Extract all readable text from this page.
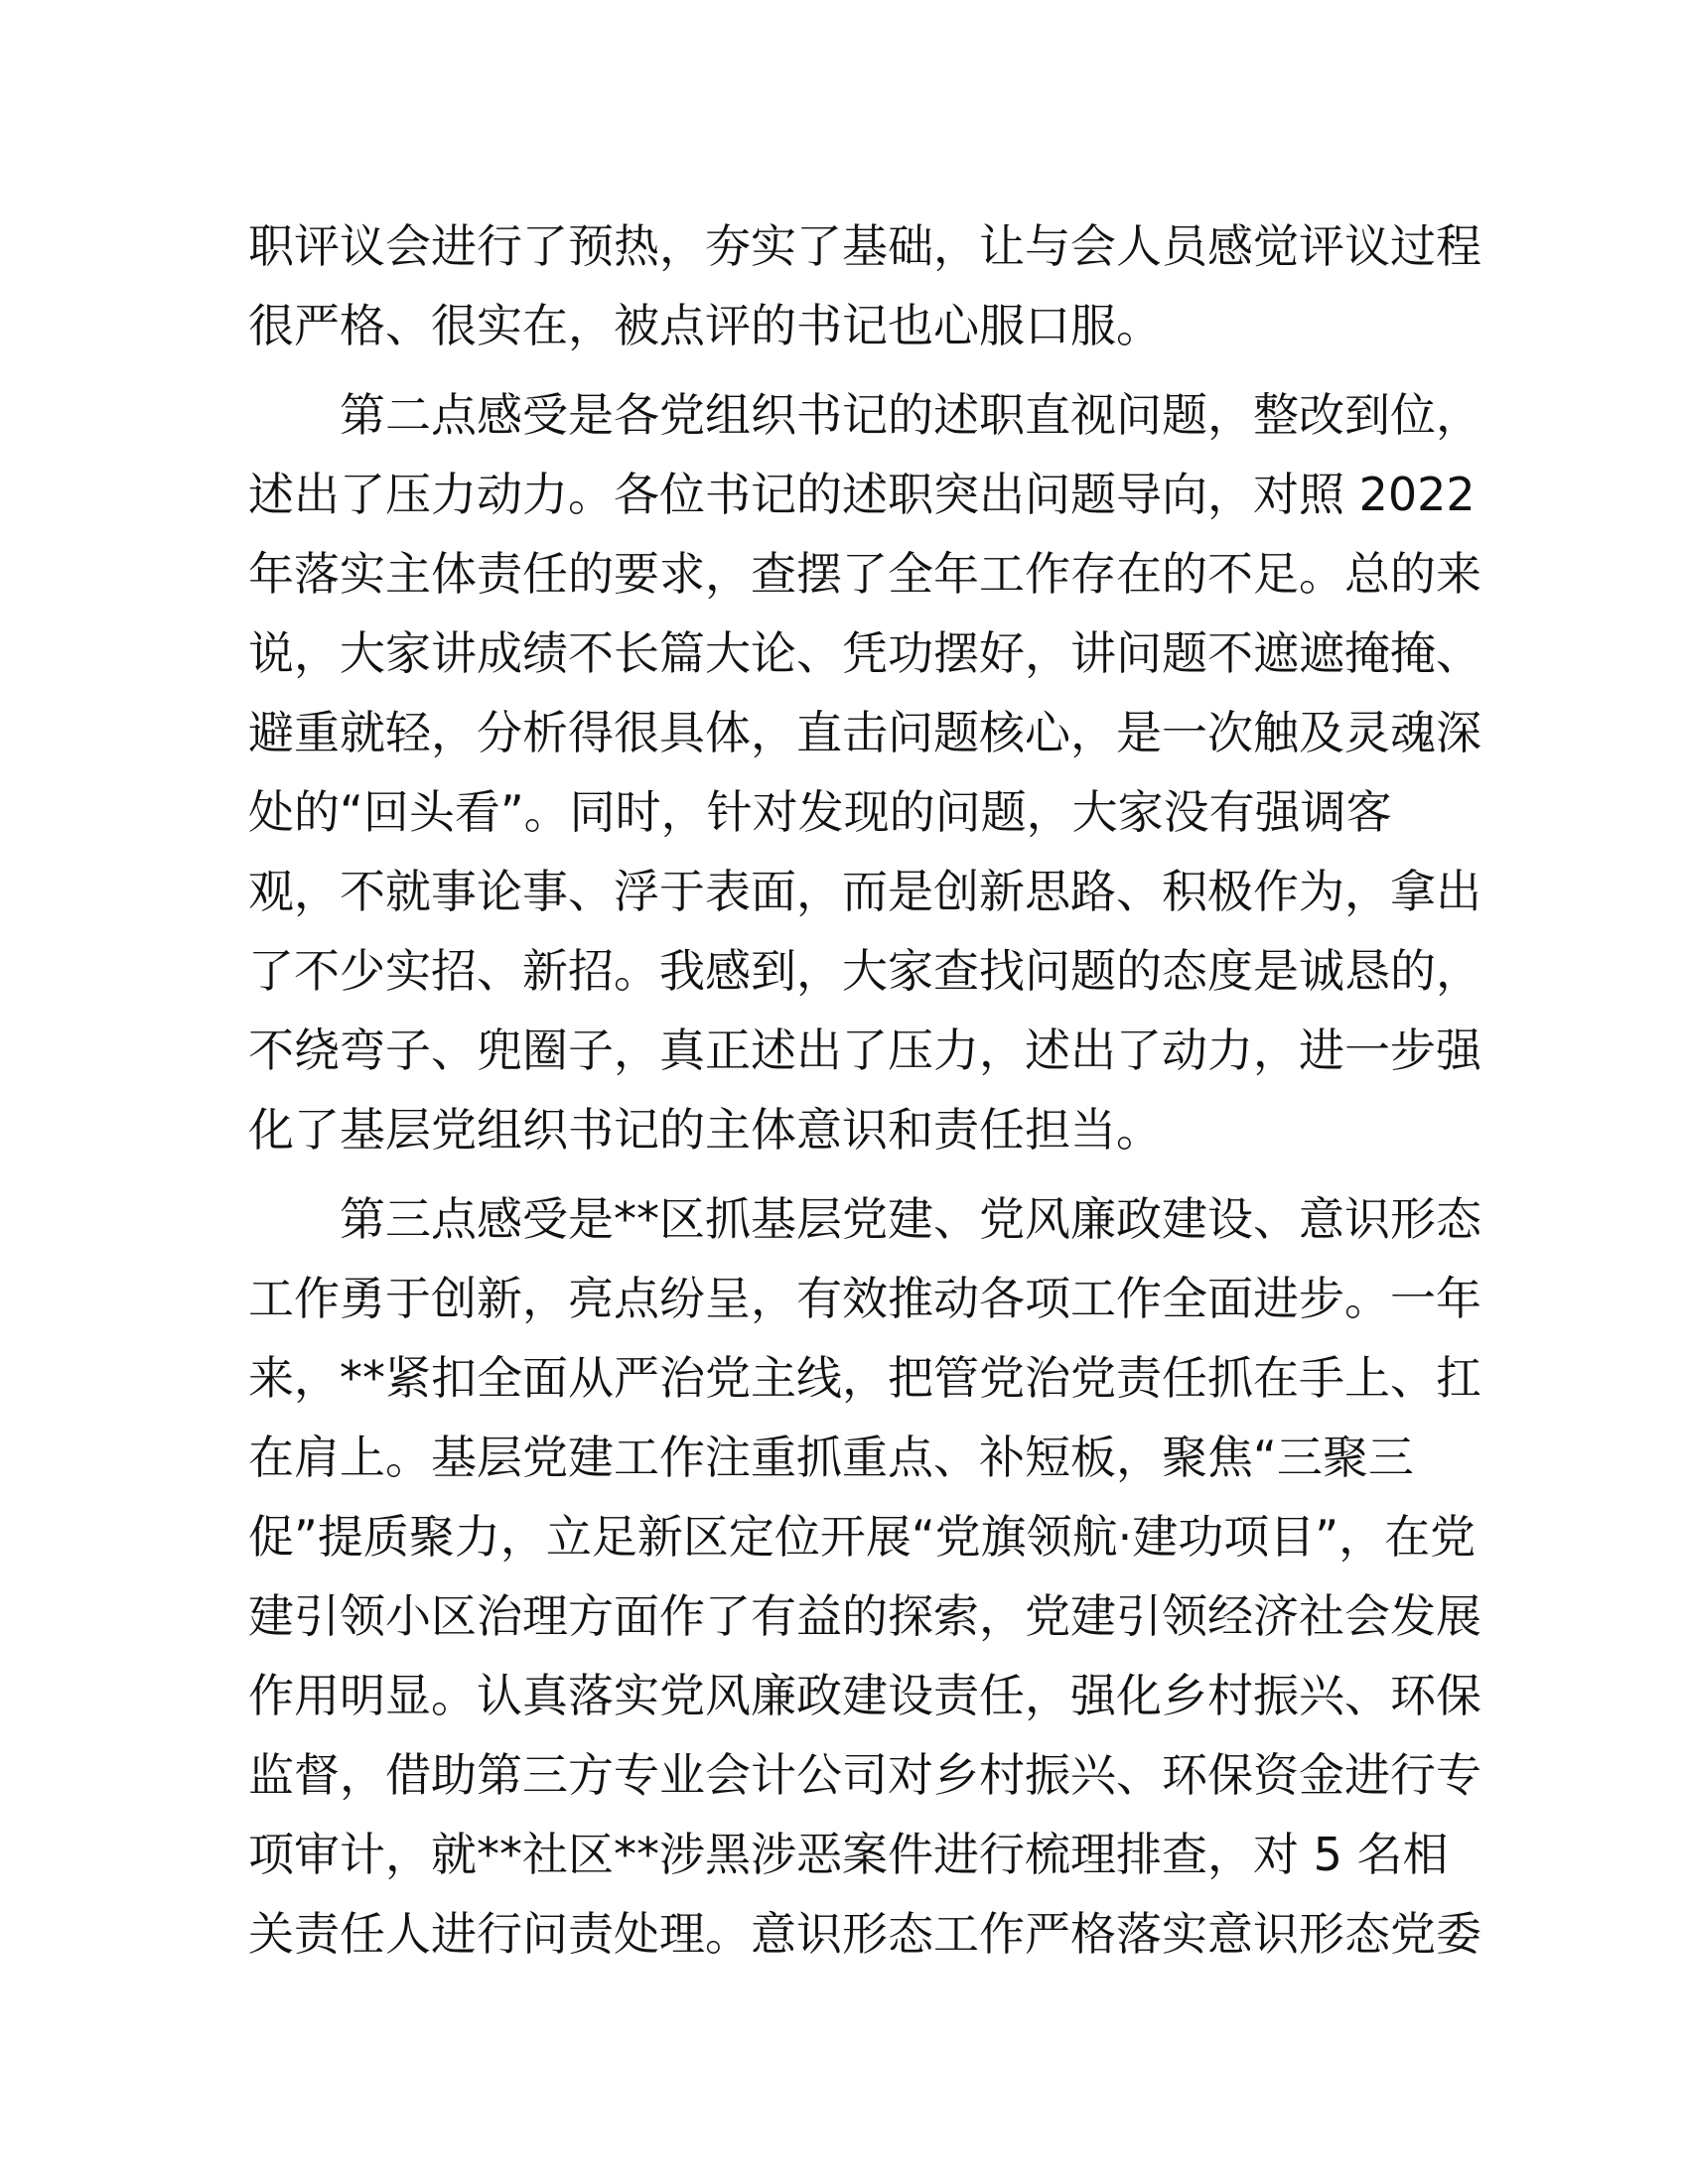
职评议会进行了预热，夯实了基础，让与会人员感觉评议过程
很严格、很实在，被点评的书记也心服口服。
第二点感受是各党组织书记的述职直视问题，整改到位，
述出了压力动力。各位书记的述职突出问题导向，对照 2022
年落实主体责任的要求，查摆了全年工作存在的不足。总的来
说，大家讲成绩不长篇大论、凭功摆好，讲问题不遮遮掩掩、
避重就轻，分析得很具体，直击问题核心，是一次触及灵魂深
处的“回头看”。同时，针对发现的问题，大家没有强调客
观，不就事论事、浮于表面，而是创新思路、积极作为，拿出
了不少实招、新招。我感到，大家查找问题的态度是诚恳的，
不绕弯子、兜圈子，真正述出了压力，述出了动力，进一步强
化了基层党组织书记的主体意识和责任担当。
第三点感受是**区抓基层党建、党风廉政建设、意识形态
工作勇于创新，亮点纷呈，有效推动各项工作全面进步。一年
来，**紧扣全面从严治党主线，把管党治党责任抓在手上、扛
在肩上。基层党建工作注重抓重点、补短板，聚焦“三聚三
促”提质聚力，立足新区定位开展“党旗领航·建功项目”，在党
建引领小区治理方面作了有益的探索，党建引领经济社会发展
作用明显。认真落实党风廉政建设责任，强化乡村振兴、环保
监督，借助第三方专业会计公司对乡村振兴、环保资金进行专
项审计，就**社区**涉黑涉恶案件进行梳理排查，对 5 名相
关责任人进行问责处理。意识形态工作严格落实意识形态党委
